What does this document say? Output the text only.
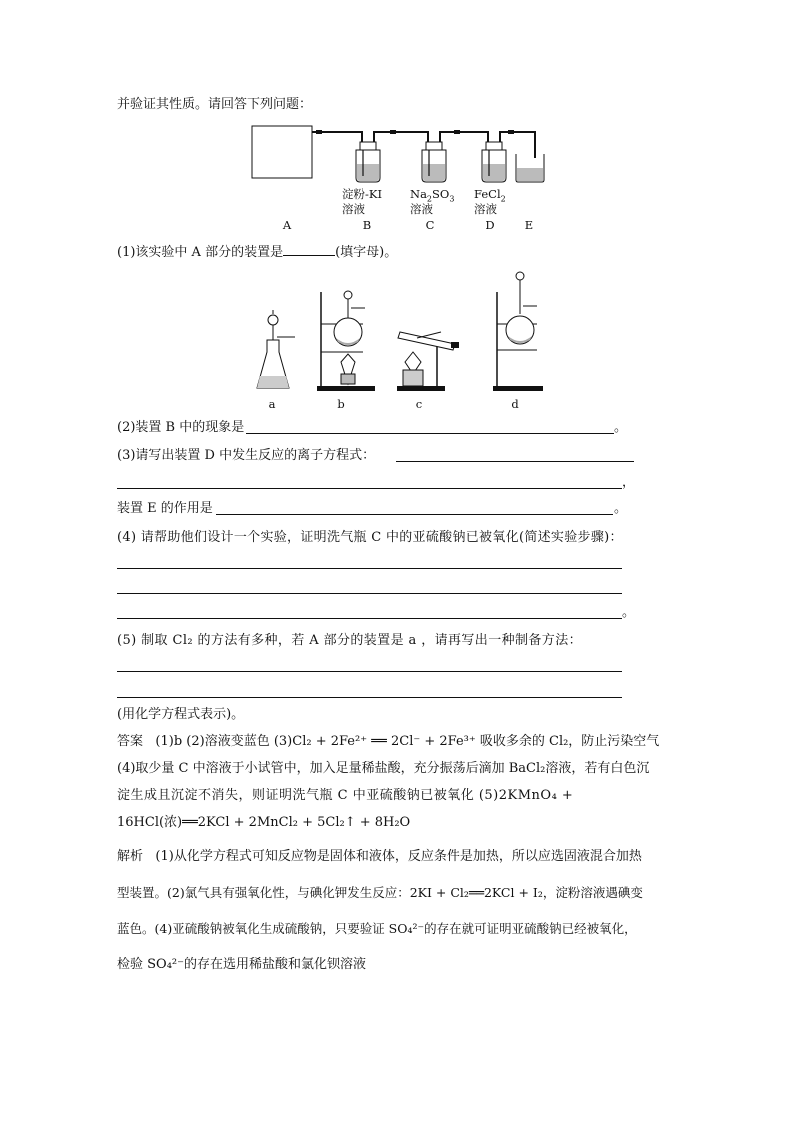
并验证其性质。请回答下列问题：
淀粉-KI
溶液
$Na_2SO_3$
溶液
FeCl$_2$
溶液
A	B	C	D	E
(1)该实验中 A 部分的装置是	(填字母)。
a	b	c	d
(2)装置 B 中的现象是	。
(3)请写出装置 D 中发生反应的离子方程式：
，
装置 E 的作用是	。
(4) 请帮助他们设计一个实验，证明洗气瓶 C 中的亚硫酸钠已被氧化(简述实验步骤)：
。
(5) 制取 Cl₂ 的方法有多种，若 A 部分的装置是 a ，请再写出一种制备方法：
(用化学方程式表示)。
答案 (1)b (2)溶液变蓝色 (3)Cl₂ + 2Fe²⁺ ══ 2Cl⁻ + 2Fe³⁺ 吸收多余的 Cl₂，防止污染空气
(4)取少量 C 中溶液于小试管中，加入足量稀盐酸，充分振荡后滴加 BaCl₂溶液，若有白色沉
淀生成且沉淀不消失，则证明洗气瓶 C 中亚硫酸钠已被氧化 (5)2KMnO₄ +
16HCl(浓)══2KCl + 2MnCl₂ + 5Cl₂↑ + 8H₂O
解析 (1)从化学方程式可知反应物是固体和液体，反应条件是加热，所以应选固液混合加热
型装置。(2)氯气具有强氧化性，与碘化钾发生反应：2KI + Cl₂══2KCl + I₂，淀粉溶液遇碘变
蓝色。(4)亚硫酸钠被氧化生成硫酸钠，只要验证 SO₄²⁻的存在就可证明亚硫酸钠已经被氧化，
检验 SO₄²⁻的存在选用稀盐酸和氯化钡溶液
